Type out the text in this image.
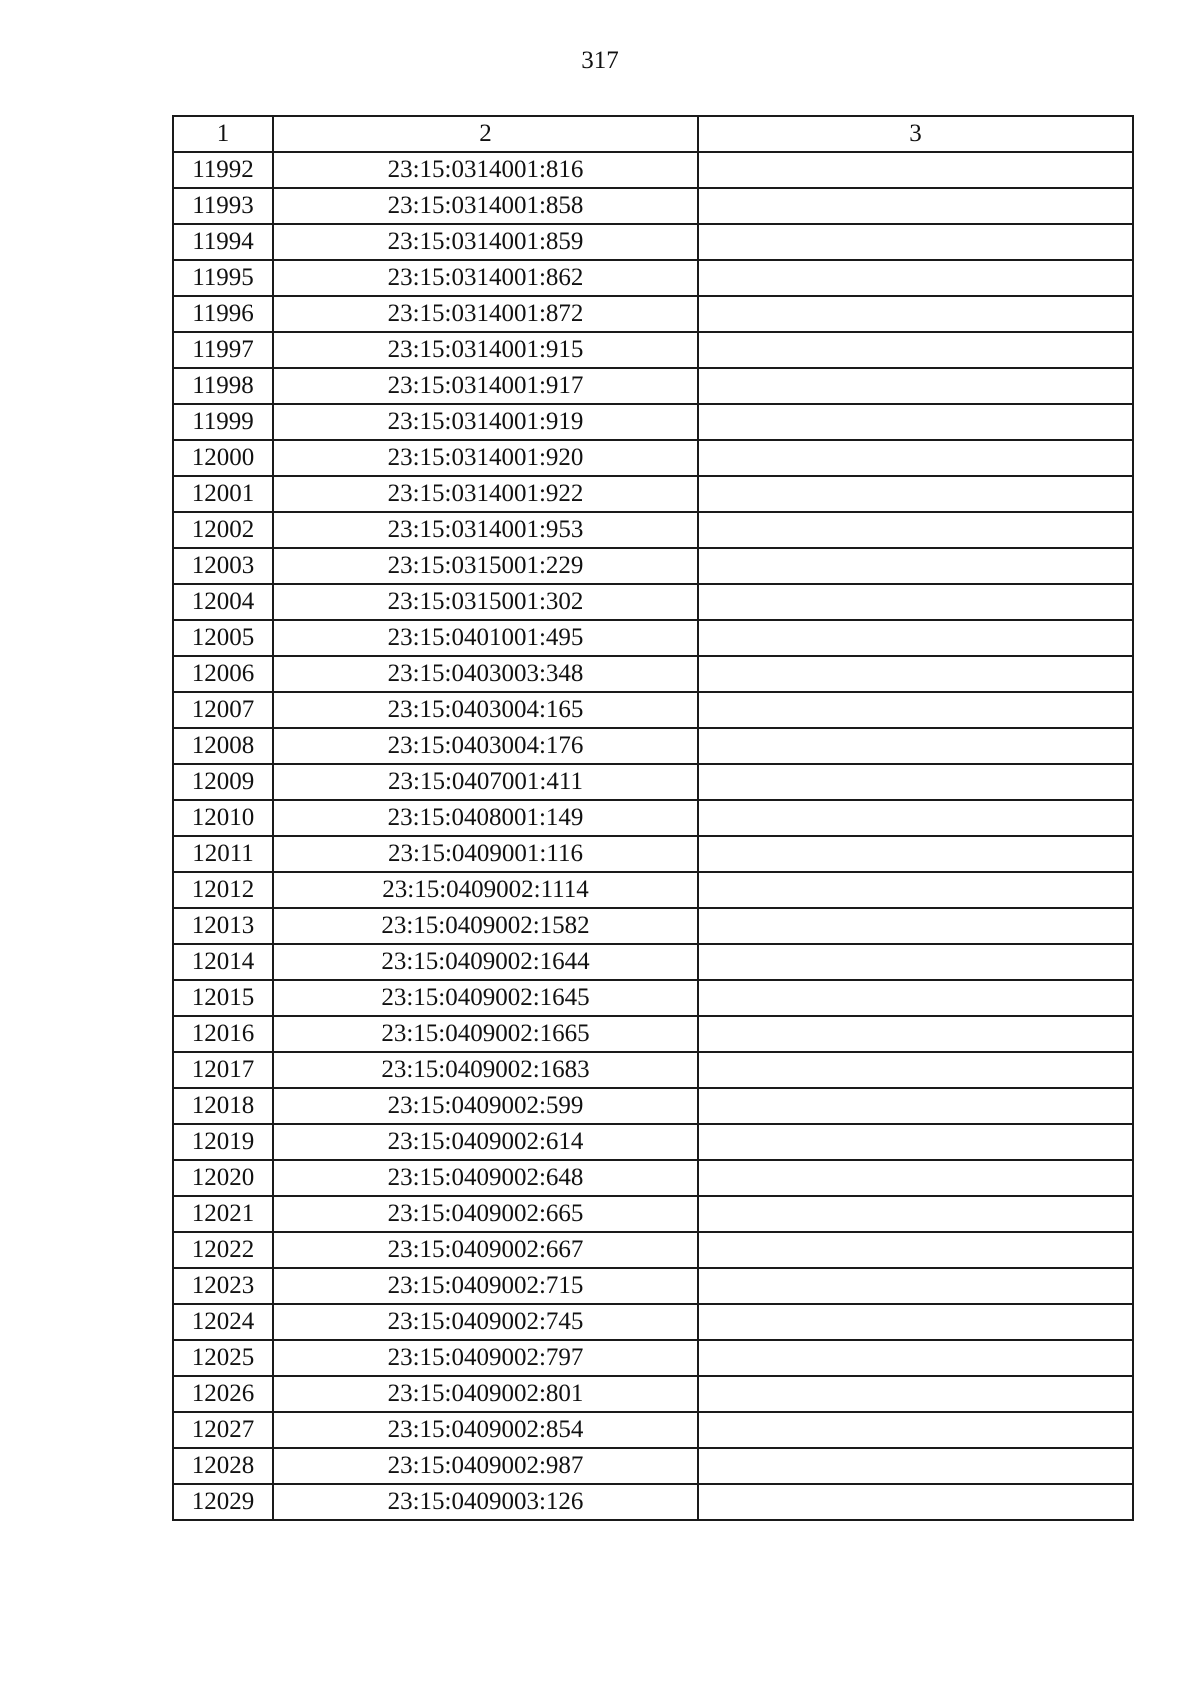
317
1	2	3
11992	23:15:0314001:816	
11993	23:15:0314001:858	
11994	23:15:0314001:859	
11995	23:15:0314001:862	
11996	23:15:0314001:872	
11997	23:15:0314001:915	
11998	23:15:0314001:917	
11999	23:15:0314001:919	
12000	23:15:0314001:920	
12001	23:15:0314001:922	
12002	23:15:0314001:953	
12003	23:15:0315001:229	
12004	23:15:0315001:302	
12005	23:15:0401001:495	
12006	23:15:0403003:348	
12007	23:15:0403004:165	
12008	23:15:0403004:176	
12009	23:15:0407001:411	
12010	23:15:0408001:149	
12011	23:15:0409001:116	
12012	23:15:0409002:1114	
12013	23:15:0409002:1582	
12014	23:15:0409002:1644	
12015	23:15:0409002:1645	
12016	23:15:0409002:1665	
12017	23:15:0409002:1683	
12018	23:15:0409002:599	
12019	23:15:0409002:614	
12020	23:15:0409002:648	
12021	23:15:0409002:665	
12022	23:15:0409002:667	
12023	23:15:0409002:715	
12024	23:15:0409002:745	
12025	23:15:0409002:797	
12026	23:15:0409002:801	
12027	23:15:0409002:854	
12028	23:15:0409002:987	
12029	23:15:0409003:126	
